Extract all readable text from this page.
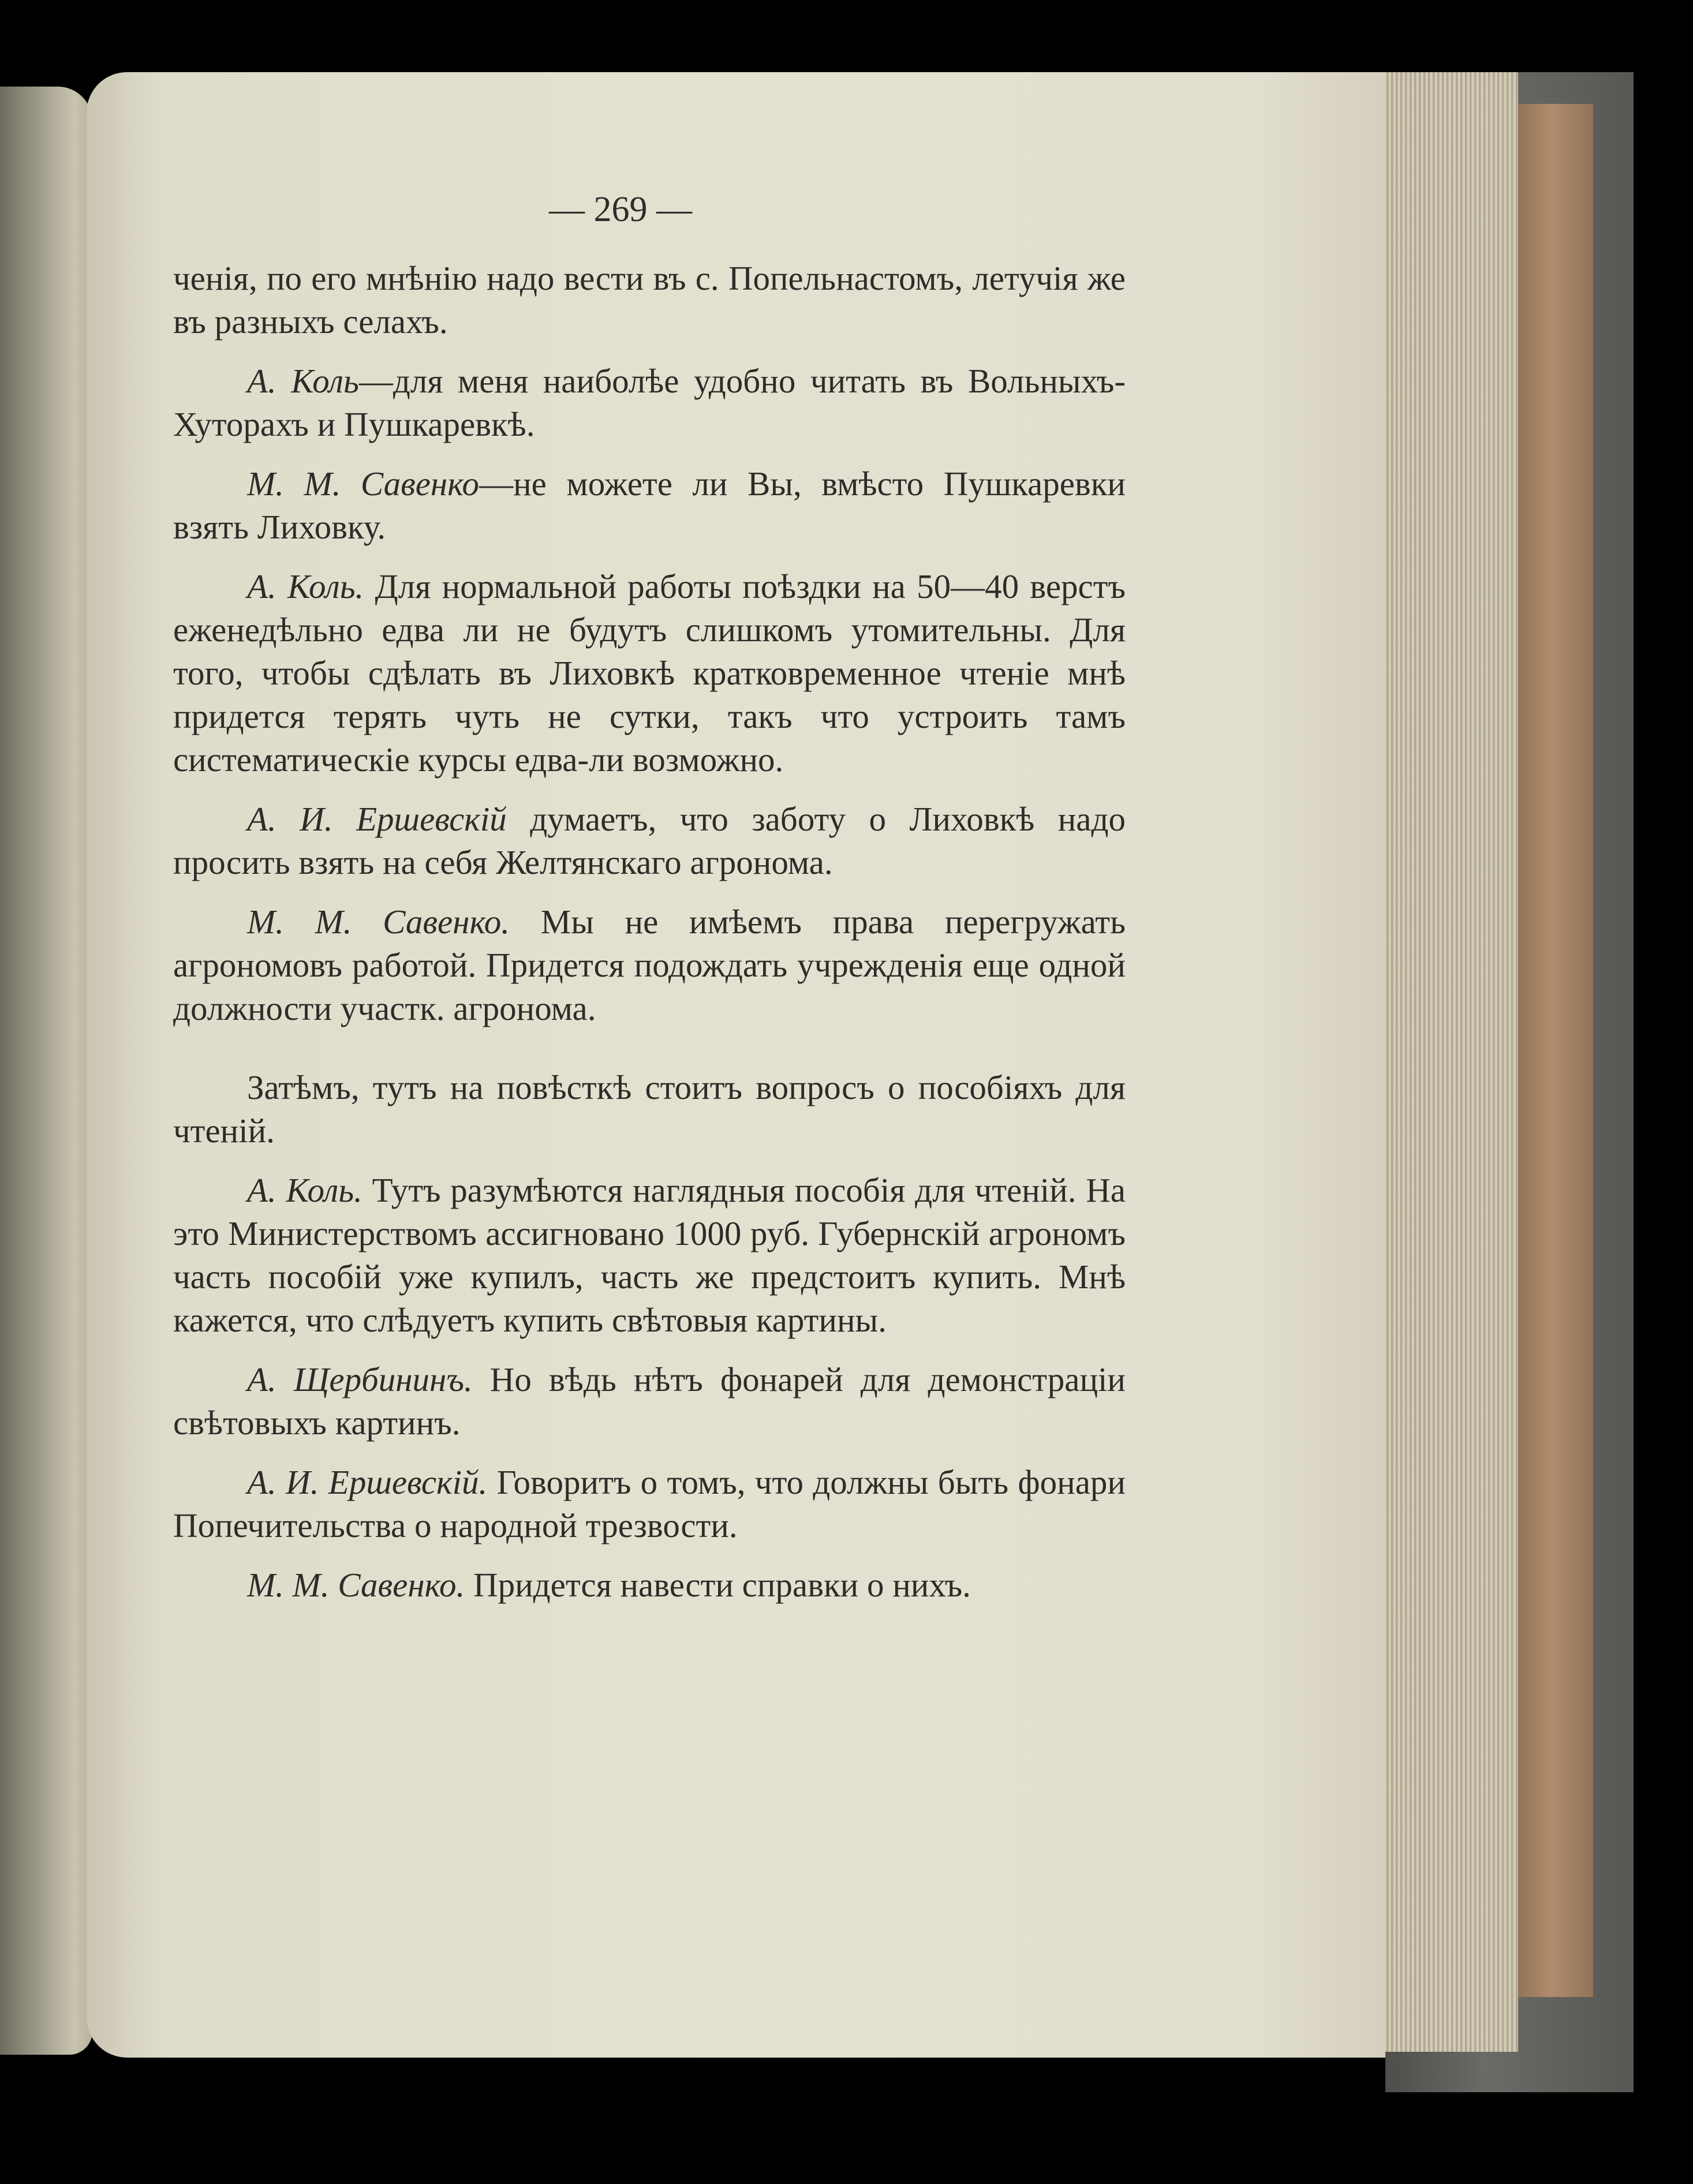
— 269 —

ченія, по его мнѣнію надо вести въ с. Попельнастомъ, летучія же въ разныхъ селахъ.

А. Коль—для меня наиболѣе удобно читать въ Вольныхъ-Хуторахъ и Пушкаревкѣ.

М. М. Савенко—не можете ли Вы, вмѣсто Пушкаревки взять Лиховку.

А. Коль. Для нормальной работы поѣздки на 50—40 верстъ еженедѣльно едва ли не будутъ слишкомъ утомительны. Для того, чтобы сдѣлать въ Лиховкѣ кратковременное чтеніе мнѣ придется терять чуть не сутки, такъ что устроить тамъ систематическіе курсы едва-ли возможно.

А. И. Ершевскій думаетъ, что заботу о Лиховкѣ надо просить взять на себя Желтянскаго агронома.

М. М. Савенко. Мы не имѣемъ права перегружать агрономовъ работой. Придется подождать учрежденія еще одной должности участк. агронома.

Затѣмъ, тутъ на повѣсткѣ стоитъ вопросъ о пособіяхъ для чтеній.

А. Коль. Тутъ разумѣются наглядныя пособія для чтеній. На это Министерствомъ ассигновано 1000 руб. Губернскій агрономъ часть пособій уже купилъ, часть же предстоитъ купить. Мнѣ кажется, что слѣдуетъ купить свѣтовыя картины.

А. Щербининъ. Но вѣдь нѣтъ фонарей для демонстраціи свѣтовыхъ картинъ.

А. И. Ершевскій. Говоритъ о томъ, что должны быть фонари Попечительства о народной трезвости.

М. М. Савенко. Придется навести справки о нихъ.
